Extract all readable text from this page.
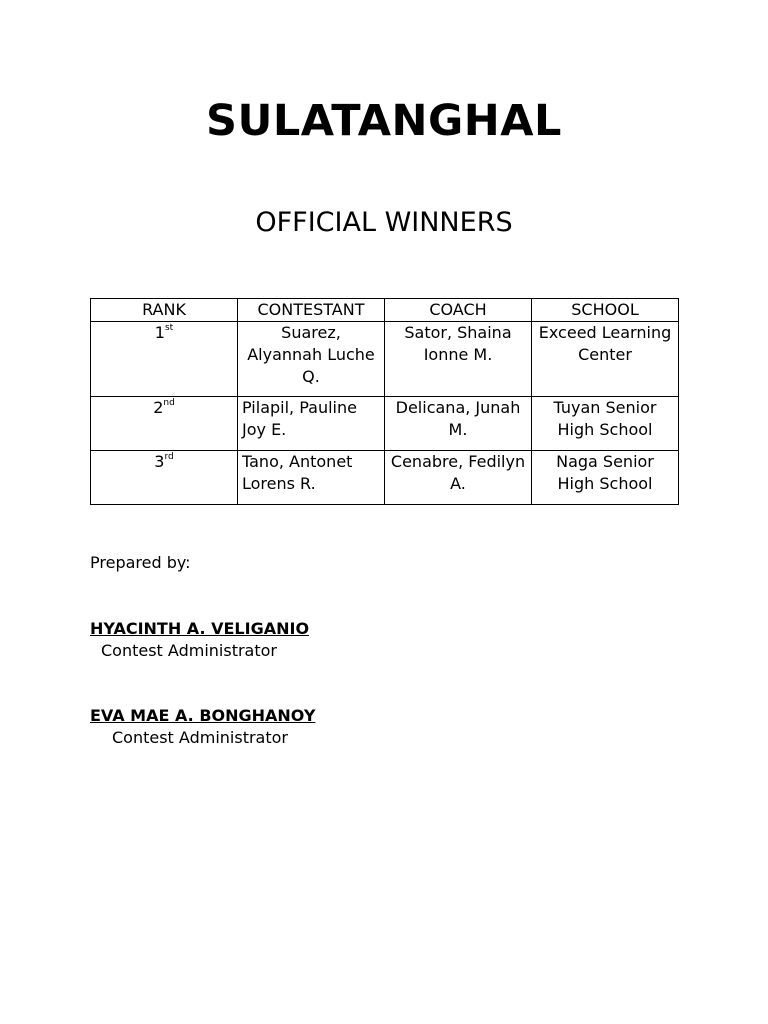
SULATANGHAL
OFFICIAL WINNERS
RANK	CONTESTANT	COACH	SCHOOL
1st	Suarez, Alyannah Luche Q.	Sator, Shaina Ionne M.	Exceed Learning Center
2nd	Pilapil, Pauline Joy E.	Delicana, Junah M.	Tuyan Senior High School
3rd	Tano, Antonet Lorens R.	Cenabre, Fedilyn A.	Naga Senior High School

Prepared by:

HYACINTH A. VELIGANIO

Contest Administrator

EVA MAE A. BONGHANOY

Contest Administrator
